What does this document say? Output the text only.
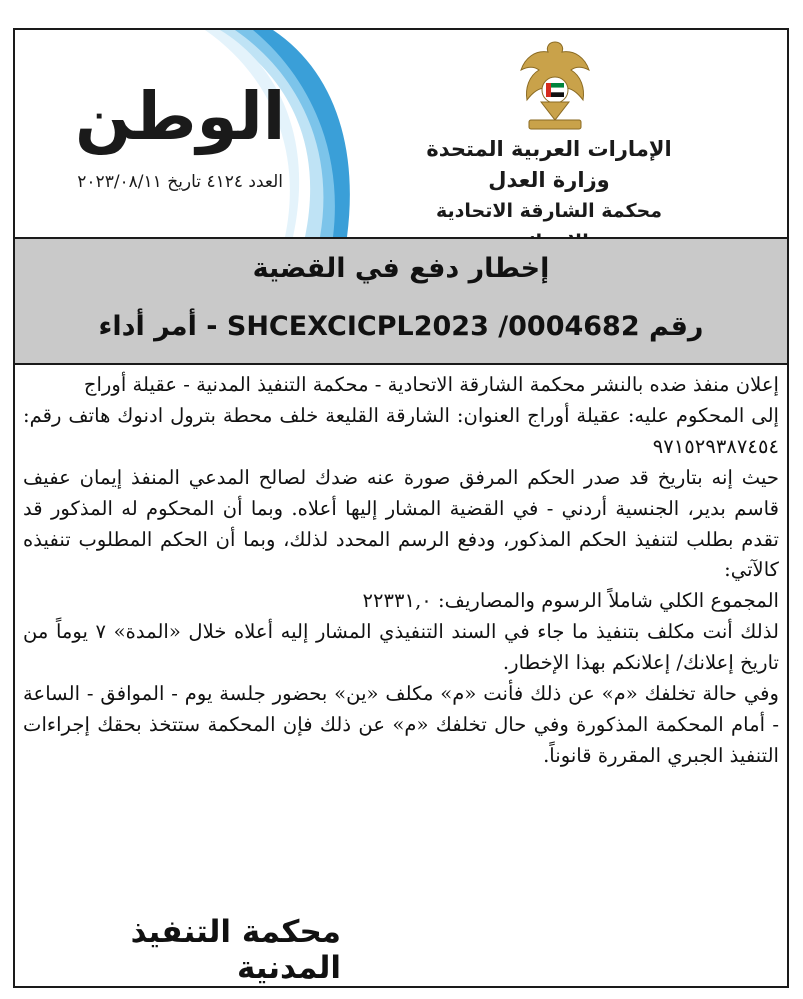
الوطن
العدد ٤١٢٤ تاريخ ٢٠٢٣/٠٨/١١
الإمارات العربية المتحدة
وزارة العدل
محكمة الشارقة الاتحادية
إخطار دفع في القضية
رقم SHCEXCICPL2023 /0004682 - أمر أداء

إعلان منفذ ضده بالنشر محكمة الشارقة الاتحادية - محكمة التنفيذ المدنية - عقيلة أوراج

إلى المحكوم عليه: عقيلة أوراج العنوان: الشارقة القليعة خلف محطة بترول ادنوك هاتف رقم: ٩٧١٥٢٩٣٨٧٤٥٤

حيث إنه بتاريخ قد صدر الحكم المرفق صورة عنه ضدك لصالح المدعي المنفذ إيمان عفيف قاسم بدير، الجنسية أردني - في القضية المشار إليها أعلاه. وبما أن المحكوم له المذكور قد تقدم بطلب لتنفيذ الحكم المذكور، ودفع الرسم المحدد لذلك، وبما أن الحكم المطلوب تنفيذه كالآتي:

المجموع الكلي شاملاً الرسوم والمصاريف: ٢٢٣٣١,٠

لذلك أنت مكلف بتنفيذ ما جاء في السند التنفيذي المشار إليه أعلاه خلال «المدة» ٧ يوماً من تاريخ إعلانك/ إعلانكم بهذا الإخطار.

وفي حالة تخلفك «م» عن ذلك فأنت «م» مكلف «ين» بحضور جلسة يوم - الموافق - الساعة - أمام المحكمة المذكورة وفي حال تخلفك «م» عن ذلك فإن المحكمة ستتخذ بحقك إجراءات التنفيذ الجبري المقررة قانوناً.

محكمة التنفيذ المدنية
